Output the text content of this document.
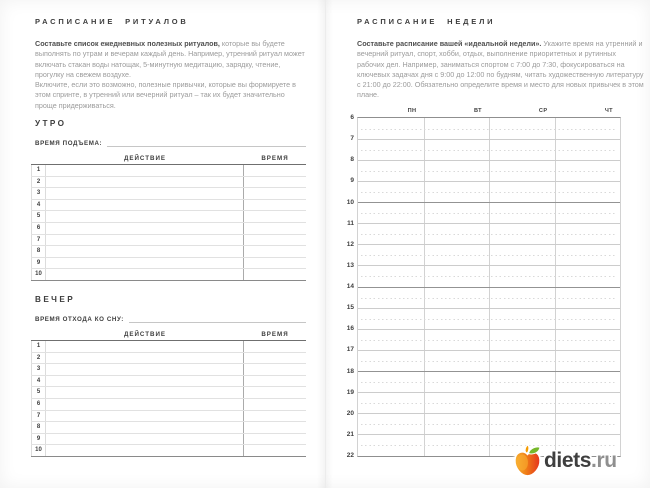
РАСПИСАНИЕ РИТУАЛОВ

Составьте список ежедневных полезных ритуалов, которые вы будете выполнять по утрам и вечерам каждый день. Например, утренний ритуал может включать стакан воды натощак, 5-минутную медитацию, зарядку, чтение, прогулку на свежем воздухе.

Включите, если это возможно, полезные привычки, которые вы формируете в этом спринте, в утренний или вечерний ритуал – так их будет значительно проще придерживаться.

УТРО
ВРЕМЯ ПОДЪЕМА:
ДЕЙСТВИЕ	ВРЕМЯ
1
2
3
4
5
6
7
8
9
10
ВЕЧЕР
ВРЕМЯ ОТХОДА КО СНУ:
ДЕЙСТВИЕ	ВРЕМЯ
1
2
3
4
5
6
7
8
9
10
РАСПИСАНИЕ НЕДЕЛИ

Составьте расписание вашей «идеальной недели». Укажите время на утренний и вечерний ритуал, спорт, хобби, отдых, выполнение приоритетных и рутинных рабочих дел. Например, заниматься спортом с 7:00 до 7:30, фокусироваться на ключевых задачах дня с 9:00 до 12:00 по будням, читать художественную литературу с 21:00 до 22:00. Обязательно определите время и место для новых привычек в этом плане.

ПН	ВТ	СР	ЧТ
6
7
8
9
10
11
12
13
14
15
16
17
18
19
20
21
22	diets.ru
